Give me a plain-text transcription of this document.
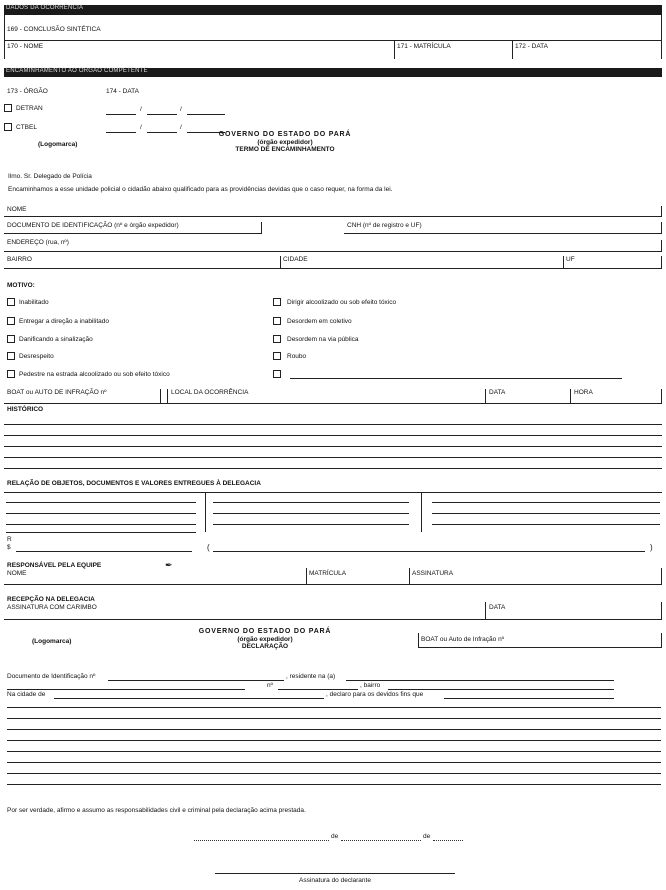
DADOS DA OCORRÊNCIA
169 - CONCLUSÃO SINTÉTICA
170 - NOME	171 - MATRÍCULA	172 - DATA
ENCAMINHAMENTO AO ÓRGÃO COMPETENTE
173 - ÓRGÃO	174 - DATA
DETRAN	/	/
CTBEL	/	/
(Logomarca)
GOVERNO DO ESTADO DO PARÁ
(órgão expedidor)
TERMO DE ENCAMINHAMENTO
Ilmo. Sr. Delegado de Polícia
Encaminhamos a esse unidade policial o cidadão abaixo qualificado para as providências devidas que o caso requer, na forma da lei.
NOME
DOCUMENTO DE IDENTIFICAÇÃO (nº e órgão expedidor)	CNH (nº de registro e UF)
ENDEREÇO (rua, nº)
BAIRRO	CIDADE	UF
MOTIVO:
Inabilitado
Entregar a direção a inabilitado
Danificando a sinalização
Desrespeito
Pedestre na estrada alcoolizado ou sob efeito tóxico
Dirigir alcoolizado ou sob efeito tóxico
Desordem em coletivo
Desordem na via pública
Roubo
BOAT ou AUTO DE INFRAÇÃO nº	LOCAL DA OCORRÊNCIA	DATA	HORA
HISTÓRICO
RELAÇÃO DE OBJETOS, DOCUMENTOS E VALORES ENTREGUES À DELEGACIA
R
$	(	)
RESPONSÁVEL PELA EQUIPE	✒
NOME	MATRÍCULA	ASSINATURA
RECEPÇÃO NA DELEGACIA
ASSINATURA COM CARIMBO	DATA
(Logomarca)
GOVERNO DO ESTADO DO PARÁ
(órgão expedidor)
DECLARAÇÃO
BOAT ou Auto de Infração nº
Documento de Identificação nº	, residente na (a)
nº	, bairro
Na cidade de	, declaro para os devidos fins que
Por ser verdade, afirmo e assumo as responsabilidades civil e criminal pela declaração acima prestada.
de	de
Assinatura do declarante
